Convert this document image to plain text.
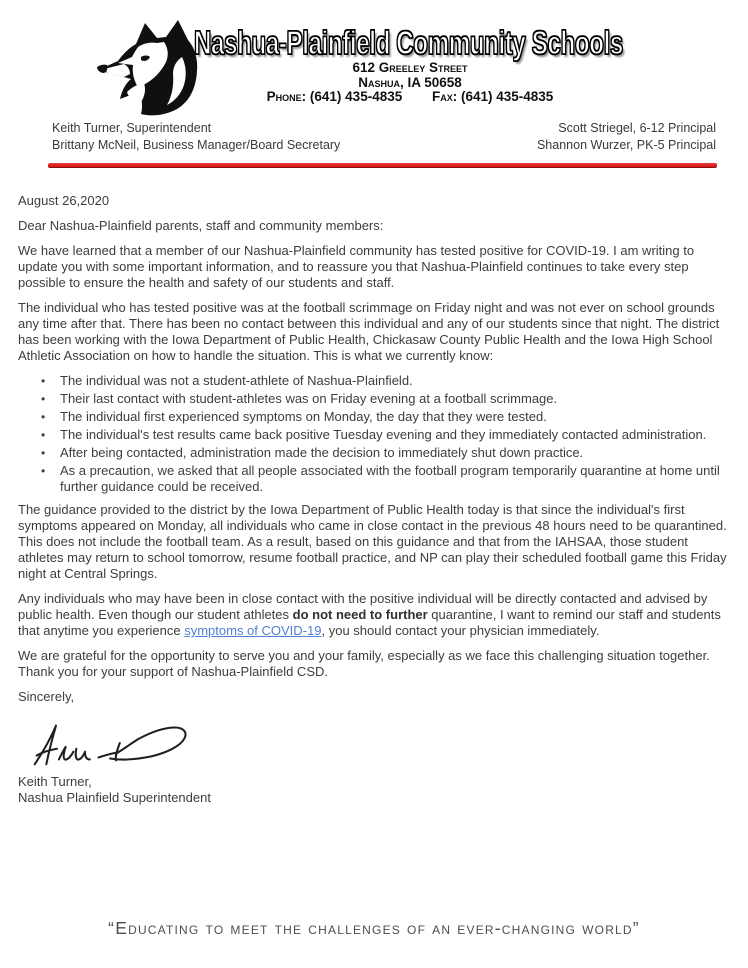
Nashua-Plainfield Community Schools
612 Greeley Street
Nashua, IA 50658
Phone: (641) 435-4835 Fax: (641) 435-4835
Keith Turner, Superintendent
Brittany McNeil, Business Manager/Board Secretary
Scott Striegel, 6-12 Principal
Shannon Wurzer, PK-5 Principal

August 26,2020

Dear Nashua-Plainfield parents, staff and community members:

We have learned that a member of our Nashua-Plainfield community has tested positive for COVID-19. I am writing to update you with some important information, and to reassure you that Nashua-Plainfield continues to take every step possible to ensure the health and safety of our students and staff.

The individual who has tested positive was at the football scrimmage on Friday night and was not ever on school grounds any time after that. There has been no contact between this individual and any of our students since that night. The district has been working with the Iowa Department of Public Health, Chickasaw County Public Health and the Iowa High School Athletic Association on how to handle the situation. This is what we currently know:

• The individual was not a student-athlete of Nashua-Plainfield.
• Their last contact with student-athletes was on Friday evening at a football scrimmage.
• The individual first experienced symptoms on Monday, the day that they were tested.
• The individual's test results came back positive Tuesday evening and they immediately contacted administration.
• After being contacted, administration made the decision to immediately shut down practice.
• As a precaution, we asked that all people associated with the football program temporarily quarantine at home until further guidance could be received.

The guidance provided to the district by the Iowa Department of Public Health today is that since the individual's first symptoms appeared on Monday, all individuals who came in close contact in the previous 48 hours need to be quarantined. This does not include the football team. As a result, based on this guidance and that from the IAHSAA, those student athletes may return to school tomorrow, resume football practice, and NP can play their scheduled football game this Friday night at Central Springs.

Any individuals who may have been in close contact with the positive individual will be directly contacted and advised by public health. Even though our student athletes do not need to further quarantine, I want to remind our staff and students that anytime you experience symptoms of COVID-19, you should contact your physician immediately.

We are grateful for the opportunity to serve you and your family, especially as we face this challenging situation together. Thank you for your support of Nashua-Plainfield CSD.

Sincerely,

Keith Turner,
Nashua Plainfield Superintendent
“Educating to meet the challenges of an ever-changing world”
